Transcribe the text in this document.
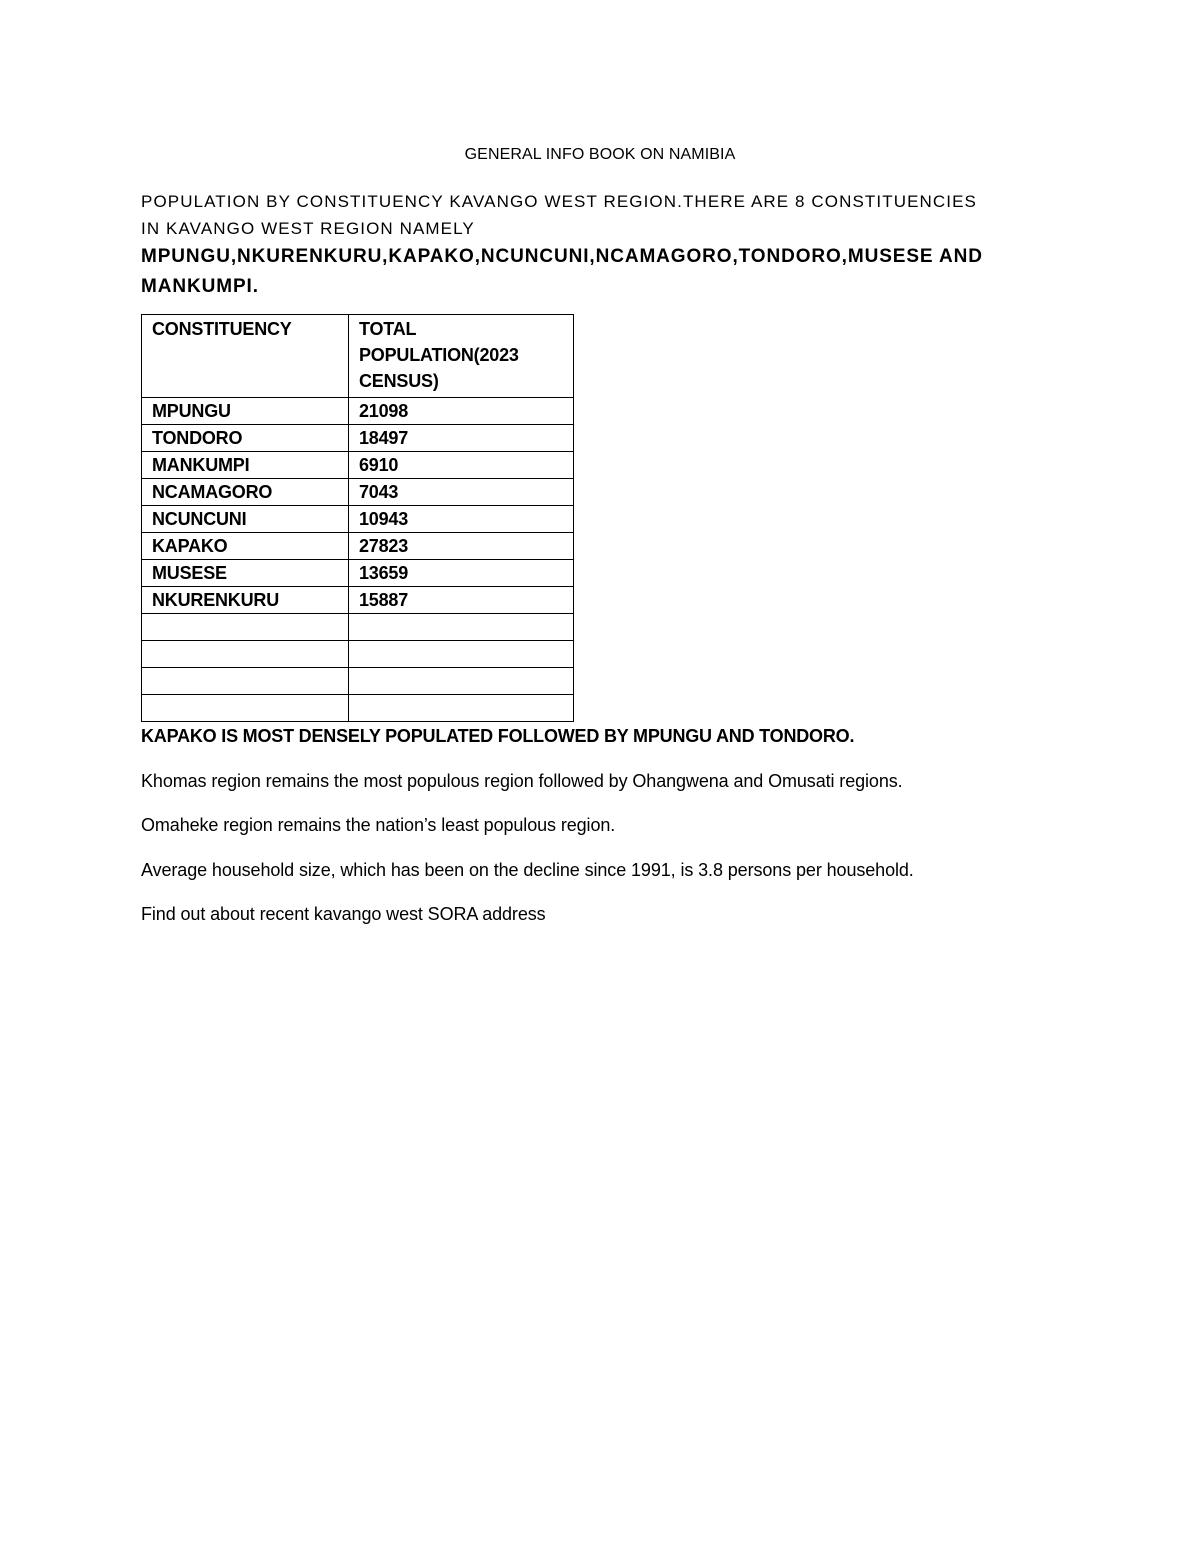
GENERAL INFO BOOK ON NAMIBIA
POPULATION BY CONSTITUENCY KAVANGO WEST REGION.THERE ARE 8 CONSTITUENCIES
IN KAVANGO WEST REGION NAMELY
MPUNGU,NKURENKURU,KAPAKO,NCUNCUNI,NCAMAGORO,TONDORO,MUSESE AND
MANKUMPI.
CONSTITUENCY	TOTAL
POPULATION(2023
CENSUS)

MPUNGU	21098
TONDORO	18497
MANKUMPI	6910
NCAMAGORO	7043
NCUNCUNI	10943
KAPAKO	27823
MUSESE	13659
NKURENKURU	15887

KAPAKO IS MOST DENSELY POPULATED FOLLOWED BY MPUNGU AND TONDORO.
Khomas region remains the most populous region followed by Ohangwena and Omusati regions.
Omaheke region remains the nation’s least populous region.
Average household size, which has been on the decline since 1991, is 3.8 persons per household.
Find out about recent kavango west SORA address
